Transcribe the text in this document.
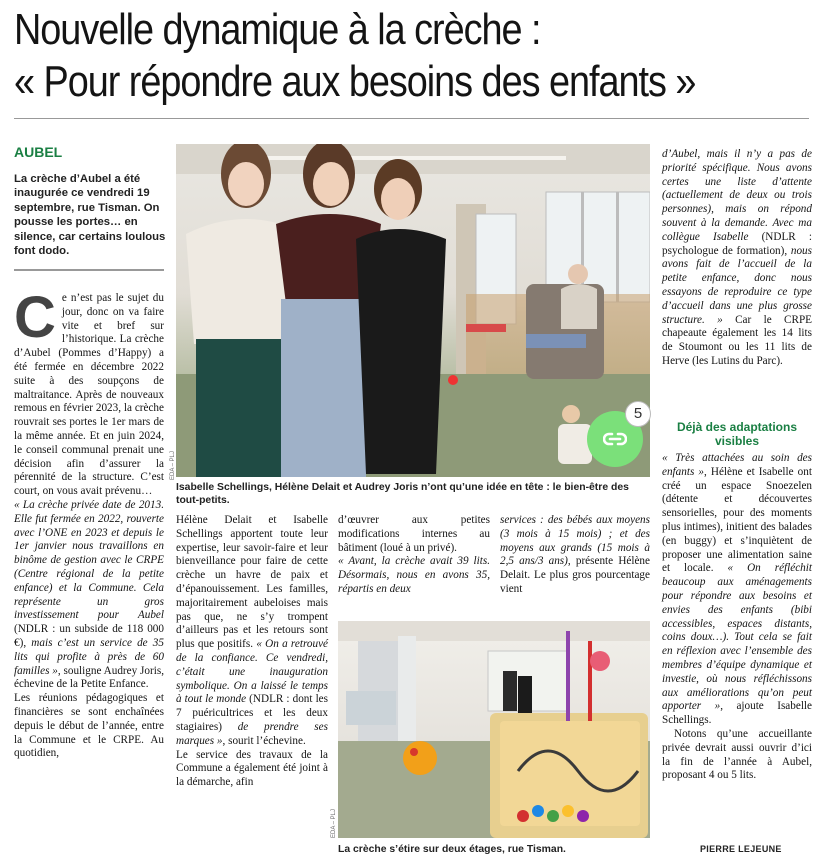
Nouvelle dynamique à la crèche :
« Pour répondre aux besoins des enfants »
AUBEL
La crèche d’Aubel a été inaugurée ce vendredi 19 septembre, rue Tisman. On pousse les portes… en silence, car certains loulous font dodo.

Ce n’est pas le sujet du jour, donc on va faire vite et bref sur l’historique. La crèche d’Aubel (Pommes d’Happy) a été fermée en décembre 2022 suite à des soupçons de maltraitance. Après de nouveaux remous en février 2023, la crèche rouvrait ses portes le 1er mars de la même année. Et en juin 2024, le conseil communal prenait une décision afin d’assurer la pérennité de la structure. C’est court, on vous avait prévenu…

« La crèche privée date de 2013. Elle fut fermée en 2022, rouverte avec l’ONE en 2023 et depuis le 1er janvier nous travaillons en binôme de gestion avec le CRPE (Centre régional de la petite enfance) et la Commune. Cela représente un gros investissement pour Aubel (NDLR : un subside de 118 000 €), mais c’est un service de 35 lits qui profite à près de 60 familles », souligne Audrey Joris, échevine de la Petite Enfance.

Les réunions pédagogiques et financières se sont enchaînées depuis le début de l’année, entre la Commune et le CRPE. Au quotidien,

EDA – PLJ
Isabelle Schellings, Hélène Delait et Audrey Joris n’ont qu’une idée en tête : le bien-être des tout-petits.
5

Hélène Delait et Isabelle Schellings apportent toute leur expertise, leur savoir-faire et leur bienveillance pour faire de cette crèche un havre de paix et d’épanouissement. Les familles, majoritairement aubeloises mais pas que, ne s’y trompent d’ailleurs pas et les retours sont plus que positifs. « On a retrouvé de la confiance. Ce vendredi, c’était une inauguration symbolique. On a laissé le temps à tout le monde (NDLR : dont les 7 puéricultrices et les deux stagiaires) de prendre ses marques », sourit l’échevine.

Le service des travaux de la Commune a également été joint à la démarche, afin

d’œuvrer aux petites modifications internes au bâtiment (loué à un privé).

« Avant, la crèche avait 39 lits. Désormais, nous en avons 35, répartis en deux

services : des bébés aux moyens (3 mois à 15 mois) ; et des moyens aux grands (15 mois à 2,5 ans/3 ans), présente Hélène Delait. Le plus gros pourcentage vient

EDA – PLJ
La crèche s’étire sur deux étages, rue Tisman.

d’Aubel, mais il n’y a pas de priorité spécifique. Nous avons certes une liste d’attente (actuellement de deux ou trois personnes), mais on répond souvent à la demande. Avec ma collègue Isabelle (NDLR : psychologue de formation), nous avons fait de l’accueil de la petite enfance, donc nous essayons de reproduire ce type d’accueil dans une plus grosse structure. » Car le CRPE chapeaute également les 14 lits de Stoumont ou les 11 lits de Herve (les Lutins du Parc).

Déjà des adaptations visibles

« Très attachées au soin des enfants », Hélène et Isabelle ont créé un espace Snoezelen (détente et découvertes sensorielles, pour des moments plus intimes), initient des balades (en buggy) et s’inquiètent de proposer une alimentation saine et locale. « On réfléchit beaucoup aux aménagements pour répondre aux besoins et envies des enfants (bibi accessibles, espaces distants, coins doux…). Tout cela se fait en réflexion avec l’ensemble des membres d’équipe dynamique et investie, où nous réfléchissons aux améliorations qu’on peut apporter », ajoute Isabelle Schellings.

Notons qu’une accueillante privée devrait aussi ouvrir d’ici la fin de l’année à Aubel, proposant 4 ou 5 lits.

PIERRE LEJEUNE
